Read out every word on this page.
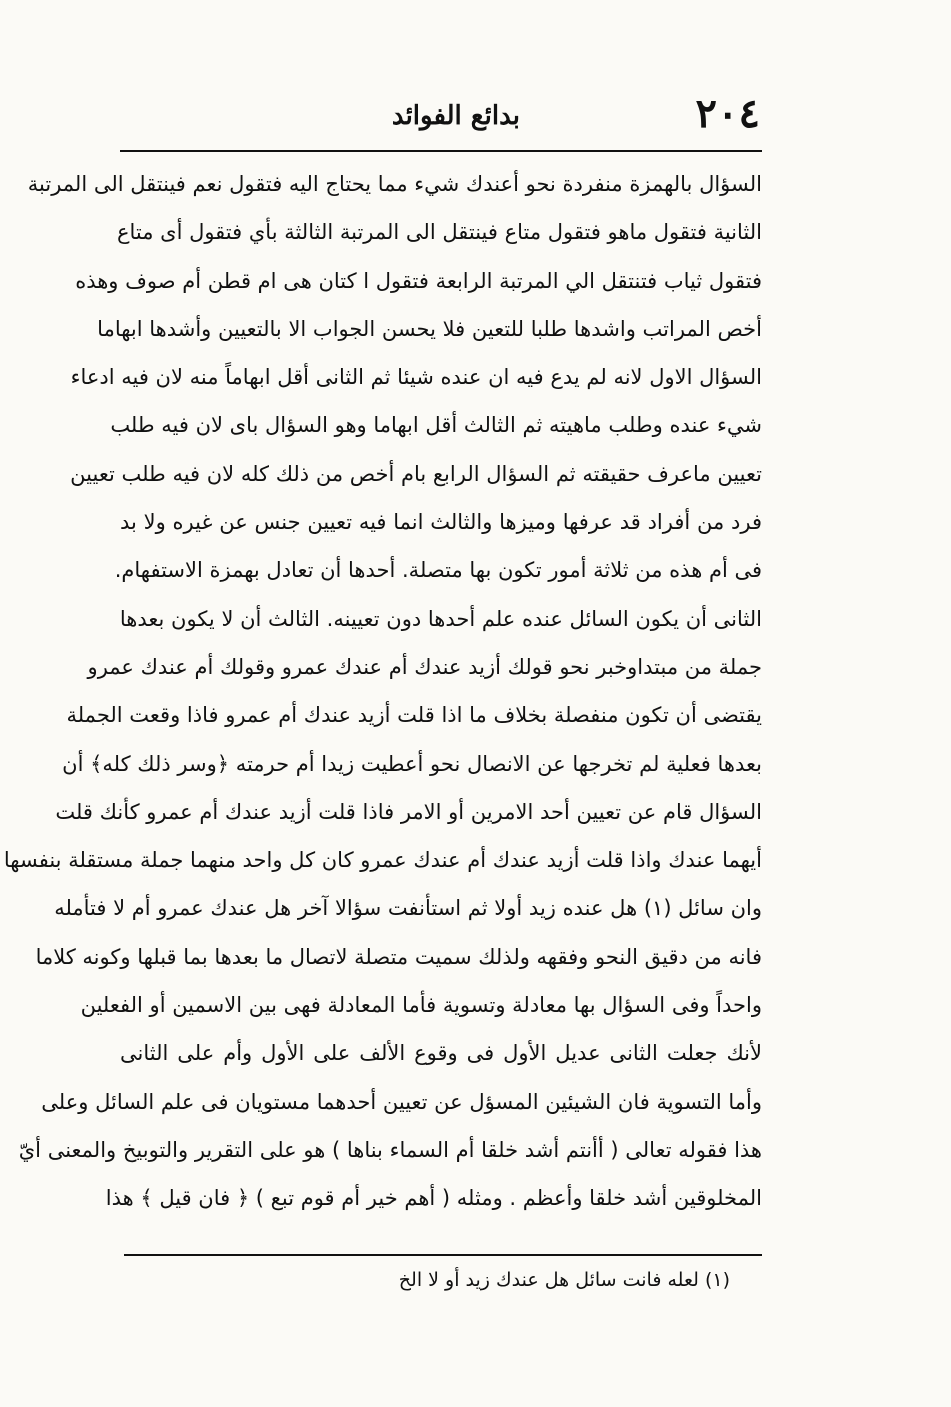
٢٠٤
بدائع الفوائد
السؤال بالهمزة منفردة نحو أعندك شيء مما يحتاج اليه فتقول نعم فينتقل الى المرتبة
الثانية فتقول ماهو فتقول متاع فينتقل الى المرتبة الثالثة بأي فتقول أى متاع
فتقول ثياب فتنتقل الي المرتبة الرابعة فتقول ا كتان هى ام قطن أم صوف وهذه
أخص المراتب واشدها طلبا للتعين فلا يحسن الجواب الا بالتعيين وأشدها ابهاما
السؤال الاول لانه لم يدع فيه ان عنده شيئا ثم الثانى أقل ابهاماً منه لان فيه ادعاء
شيء عنده وطلب ماهيته ثم الثالث أقل ابهاما وهو السؤال باى لان فيه طلب
تعيين ماعرف حقيقته ثم السؤال الرابع بام أخص من ذلك كله لان فيه طلب تعيين
فرد من أفراد قد عرفها وميزها والثالث انما فيه تعيين جنس عن غيره ولا بد
فى أم هذه من ثلاثة أمور تكون بها متصلة. أحدها أن تعادل بهمزة الاستفهام.
الثانى أن يكون السائل عنده علم أحدها دون تعيينه. الثالث أن لا يكون بعدها
جملة من مبتداوخبر نحو قولك أزيد عندك أم عندك عمرو وقولك أم عندك عمرو
يقتضى أن تكون منفصلة بخلاف ما اذا قلت أزيد عندك أم عمرو فاذا وقعت الجملة
بعدها فعلية لم تخرجها عن الانصال نحو أعطيت زيدا أم حرمته ﴿وسر ذلك كله﴾ أن
السؤال قام عن تعيين أحد الامرين أو الامر فاذا قلت أزيد عندك أم عمرو كأنك قلت
أيهما عندك واذا قلت أزيد عندك أم عندك عمرو كان كل واحد منهما جملة مستقلة بنفسها
وان سائل (١) هل عنده زيد أولا ثم استأنفت سؤالا آخر هل عندك عمرو أم لا فتأمله
فانه من دقيق النحو وفقهه ولذلك سميت متصلة لاتصال ما بعدها بما قبلها وكونه كلاما
واحداً وفى السؤال بها معادلة وتسوية فأما المعادلة فهى بين الاسمين أو الفعلين
لأنك جعلت الثانى عديل الأول فى وقوع الألف على الأول وأم على الثانى
وأما التسوية فان الشيئين المسؤل عن تعيين أحدهما مستويان فى علم السائل وعلى
هذا فقوله تعالى ( أأنتم أشد خلقا أم السماء بناها ) هو على التقرير والتوبيخ والمعنى أيّ
المخلوقين أشد خلقا وأعظم . ومثله ( أهم خير أم قوم تبع ) ﴿ فان قيل ﴾ هذا
(١) لعله فانت سائل هل عندك زيد أو لا الخ
